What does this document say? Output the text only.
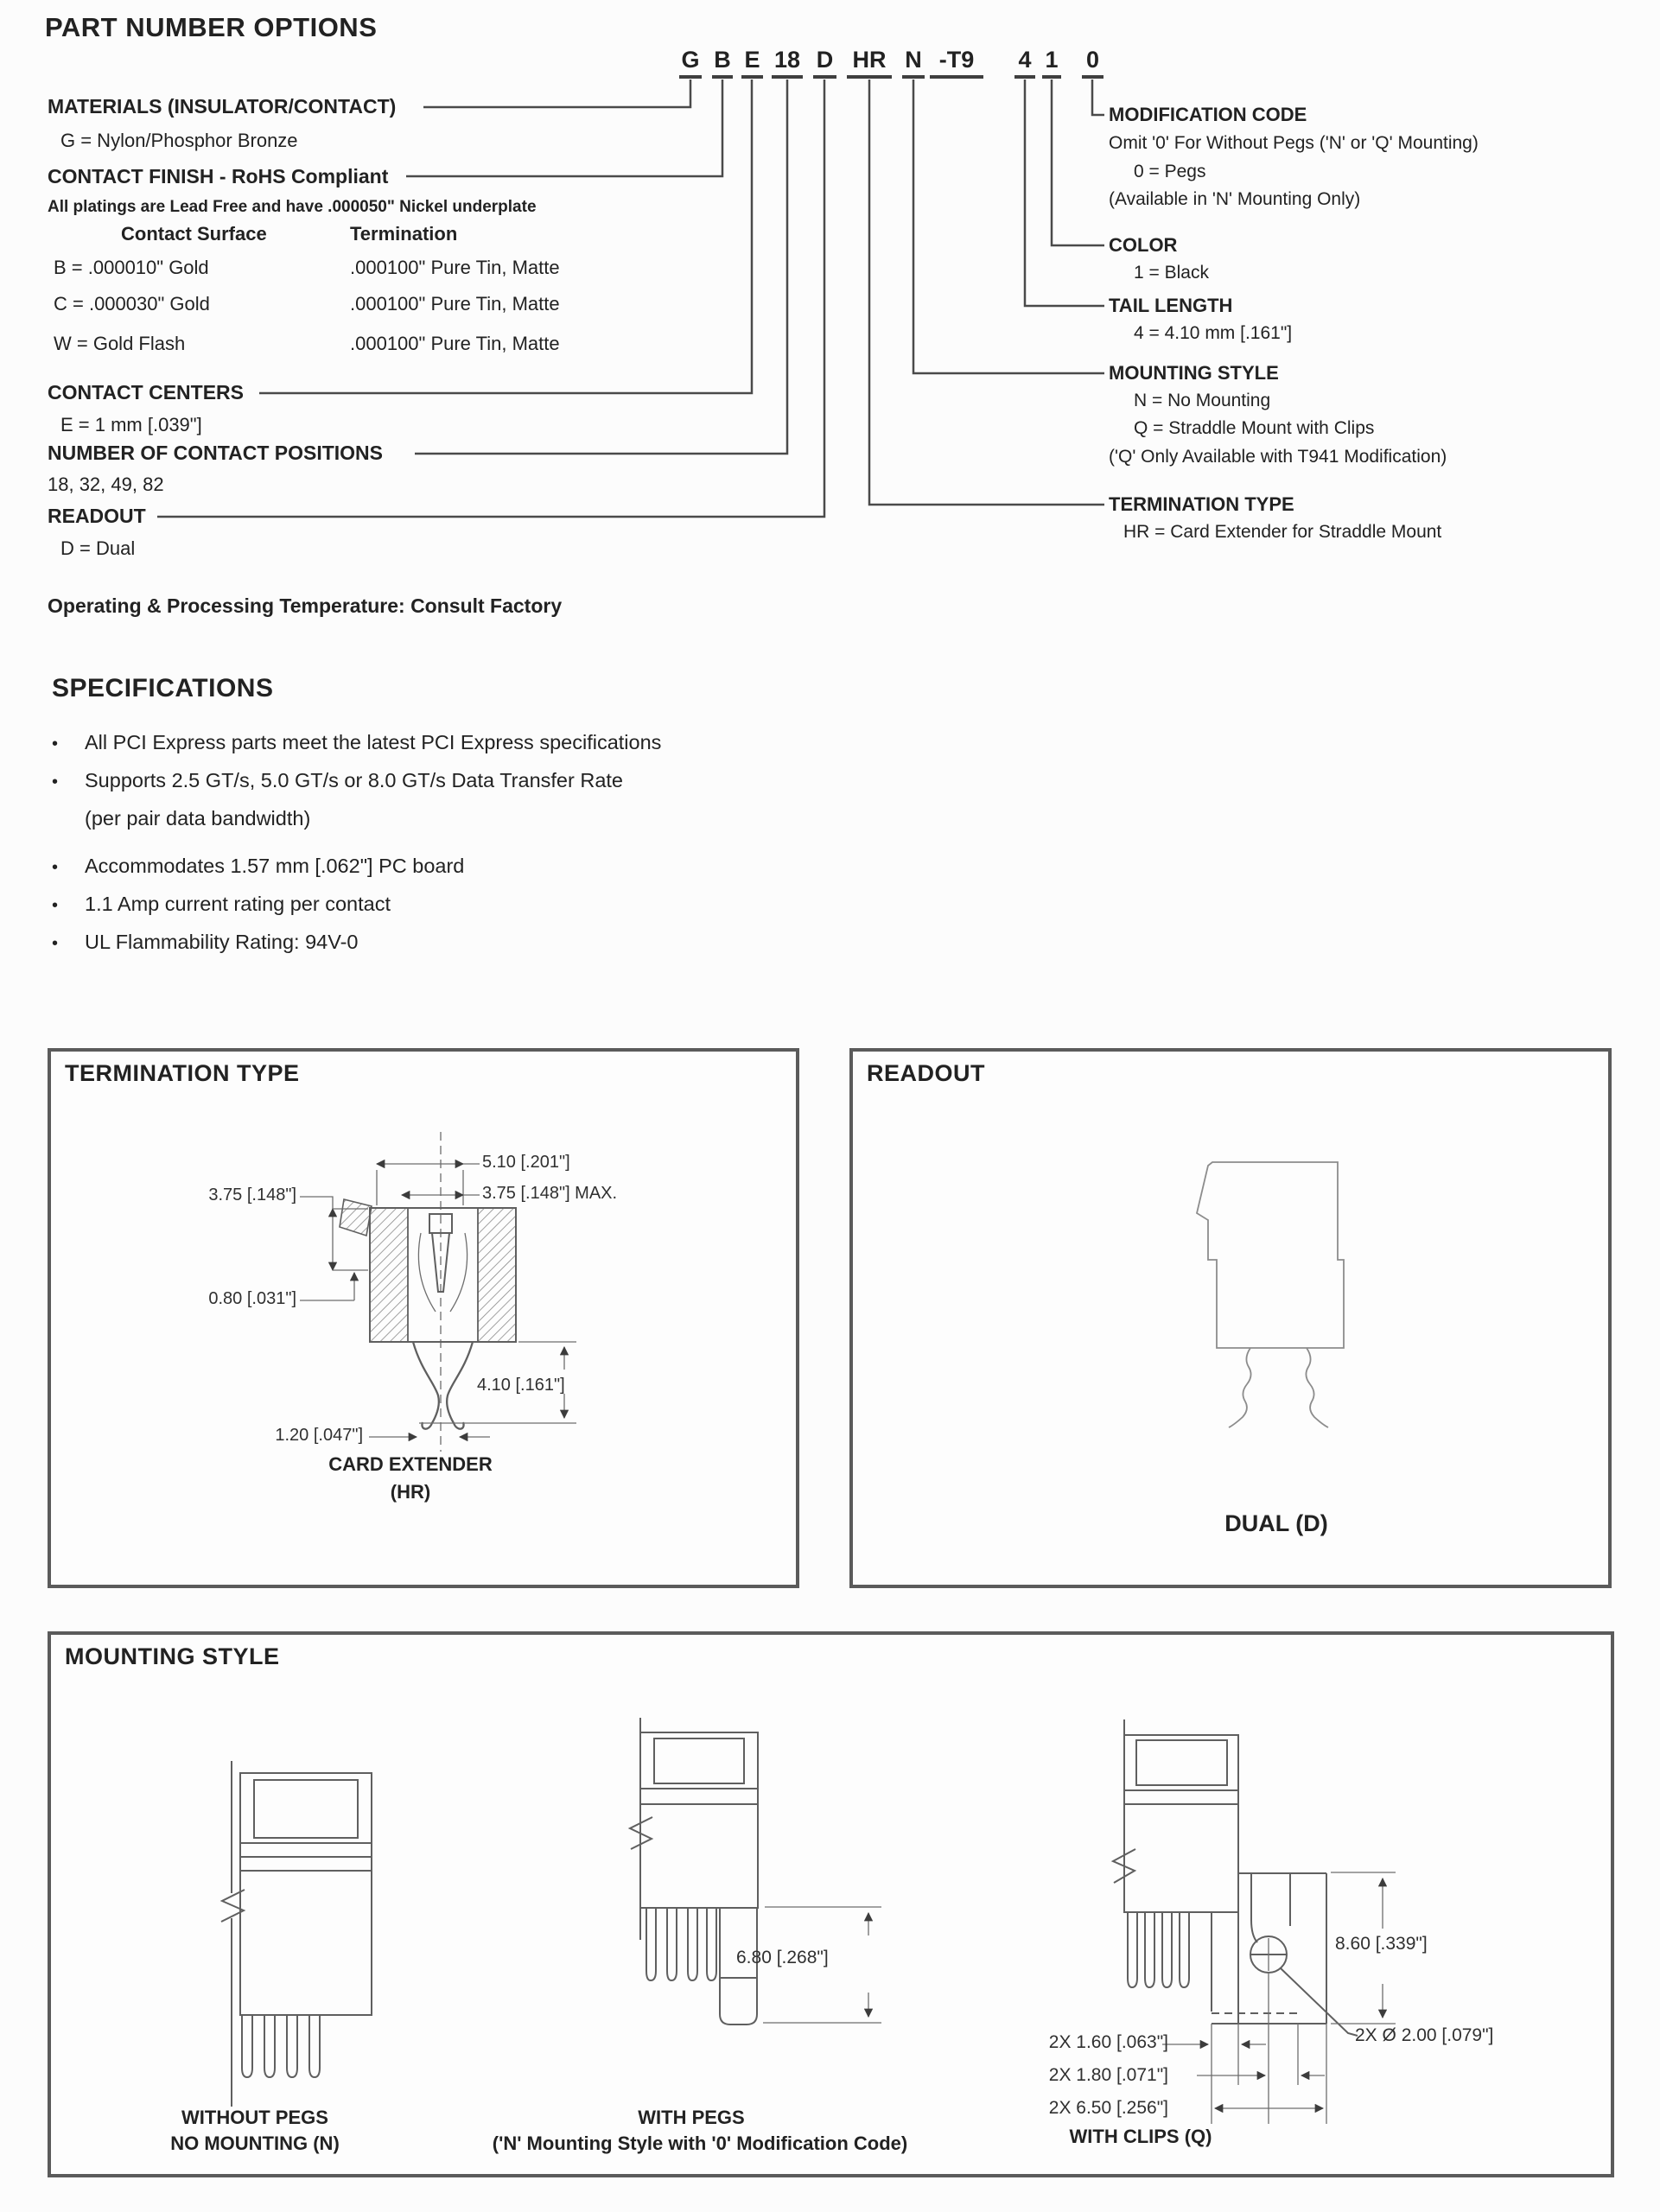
PART NUMBER OPTIONS
G B E 18 D HR N -T9	4 1 0
MATERIALS (INSULATOR/CONTACT)
G = Nylon/Phosphor Bronze
CONTACT FINISH - RoHS Compliant
All platings are Lead Free and have .000050" Nickel underplate
Contact Surface	Termination
B = .000010" Gold	.000100" Pure Tin, Matte
C = .000030" Gold	.000100" Pure Tin, Matte
W = Gold Flash	.000100" Pure Tin, Matte
CONTACT CENTERS
E = 1 mm [.039"]
NUMBER OF CONTACT POSITIONS
18, 32, 49, 82
READOUT
D = Dual
Operating & Processing Temperature: Consult Factory
MODIFICATION CODE
Omit '0' For Without Pegs ('N' or 'Q' Mounting)
0 = Pegs
(Available in 'N' Mounting Only)
COLOR
1 = Black
TAIL LENGTH
4 = 4.10 mm [.161"]
MOUNTING STYLE
N = No Mounting
Q = Straddle Mount with Clips
('Q' Only Available with T941 Modification)
TERMINATION TYPE
HR = Card Extender for Straddle Mount
SPECIFICATIONS
•
All PCI Express parts meet the latest PCI Express specifications
•
Supports 2.5 GT/s, 5.0 GT/s or 8.0 GT/s Data Transfer Rate
(per pair data bandwidth)
•
Accommodates 1.57 mm [.062"] PC board
•
1.1 Amp current rating per contact
•
UL Flammability Rating: 94V-0
TERMINATION TYPE
5.10 [.201"]
3.75 [.148"] MAX.
3.75 [.148"]
0.80 [.031"]
4.10 [.161"]
1.20 [.047"]
CARD EXTENDER
(HR)
READOUT
DUAL (D)
MOUNTING STYLE
6.80 [.268"]
8.60 [.339"]
2X Ø 2.00 [.079"]
2X 1.60 [.063"]
2X 1.80 [.071"]
2X 6.50 [.256"]
WITHOUT PEGS
NO MOUNTING (N)
WITH PEGS
('N' Mounting Style with '0' Modification Code)	WITH CLIPS (Q)
